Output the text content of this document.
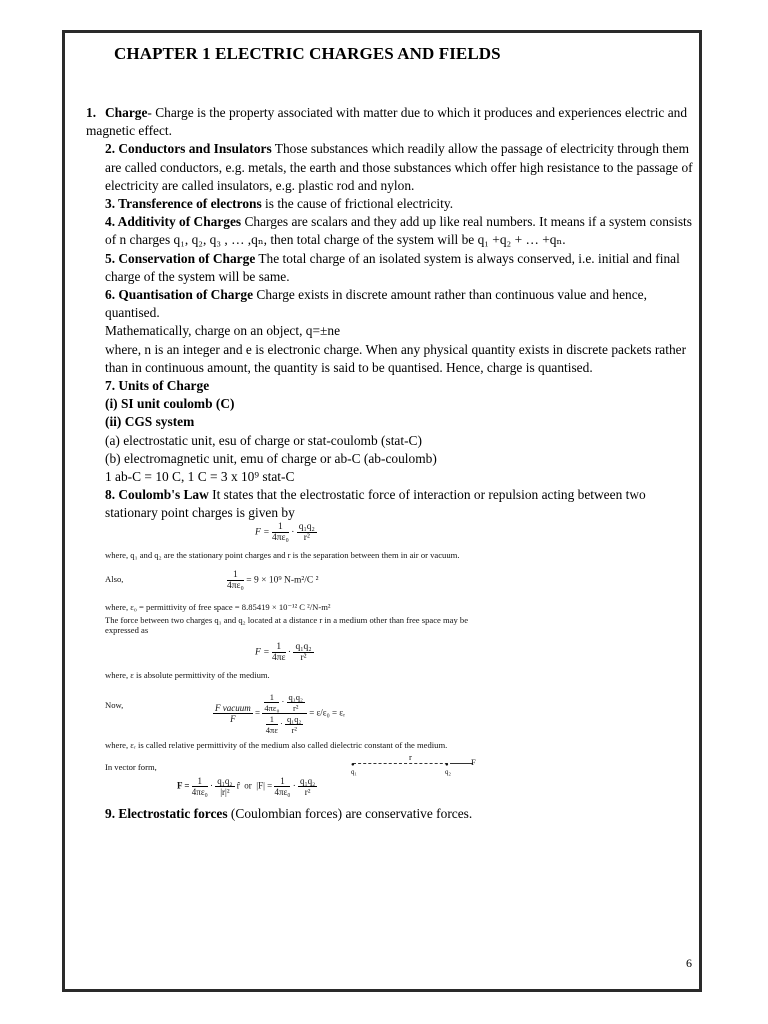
CHAPTER 1 ELECTRIC CHARGES AND FIELDS

1. Charge- Charge is the property associated with matter due to which it produces and experiences electric and magnetic effect.

2. Conductors and Insulators Those substances which readily allow the passage of electricity through them are called conductors, e.g. metals, the earth and those substances which offer high resistance to the passage of electricity are called insulators, e.g. plastic rod and nylon.

3. Transference of electrons is the cause of frictional electricity.

4. Additivity of Charges Charges are scalars and they add up like real numbers. It means if a system consists of n charges q₁, q₂, q₃ , … ,qₙ, then total charge of the system will be q₁ +q₂ + … +qₙ.

5. Conservation of Charge The total charge of an isolated system is always conserved, i.e. initial and final charge of the system will be same.

6. Quantisation of Charge Charge exists in discrete amount rather than continuous value and hence, quantised.

Mathematically, charge on an object, q=±ne

where, n is an integer and e is electronic charge. When any physical quantity exists in discrete packets rather than in continuous amount, the quantity is said to be quantised. Hence, charge is quantised.

7. Units of Charge

(i) SI unit coulomb (C)

(ii) CGS system

(a) electrostatic unit, esu of charge or stat-coulomb (stat-C)

(b) electromagnetic unit, emu of charge or ab-C (ab-coulomb)

1 ab-C = 10 C, 1 C = 3 x 10⁹ stat-C

8. Coulomb's Law It states that the electrostatic force of interaction or repulsion acting between two stationary point charges is given by

$F = \frac{1}{\text{4πε₀}} \cdot \frac{\text{q₁q₂}}{\text{r²}}$
where, q₁ and q₂ are the stationary point charges and r is the separation between them in air or vacuum.
Also,	$\frac{1}{\text{4πε₀}} = 9 \times 10^9$ N-m²/C ²
where, ε₀ = permittivity of free space = 8.85419 × 10⁻¹² C ²/N-m²
The force between two charges q₁ and q₂ located at a distance r in a medium other than free space may be expressed as
$F = \frac{1}{4\pi\varepsilon} \cdot \frac{\text{q₁q₂}}{\text{r²}}$
where, ε is absolute permittivity of the medium.
Now,	$\frac{\text{F vacuum}}{F} = \frac{\frac{1}{\text{4πε₀}} \cdot \frac{\text{q₁q₂}}{\text{r²}}}{\frac{1}{4\pi\varepsilon} \cdot \frac{\text{q₁q₂}}{\text{r²}}} = \varepsilon/\varepsilon_0$ = εᵣ
where, εᵣ is called relative permittivity of the medium also called dielectric constant of the medium.
In vector form,
r
●	●	F
q₁	q₂
$F = \frac{1}{\text{4πε₀}} \cdot \frac{\text{q₁q₂}}{\text{|r|²}}$ r̂ or $|F| = \frac{1}{\text{4πε₀}} \cdot \frac{\text{q₁q₂}}{\text{r²}}$

9. Electrostatic forces (Coulombian forces) are conservative forces.

6
